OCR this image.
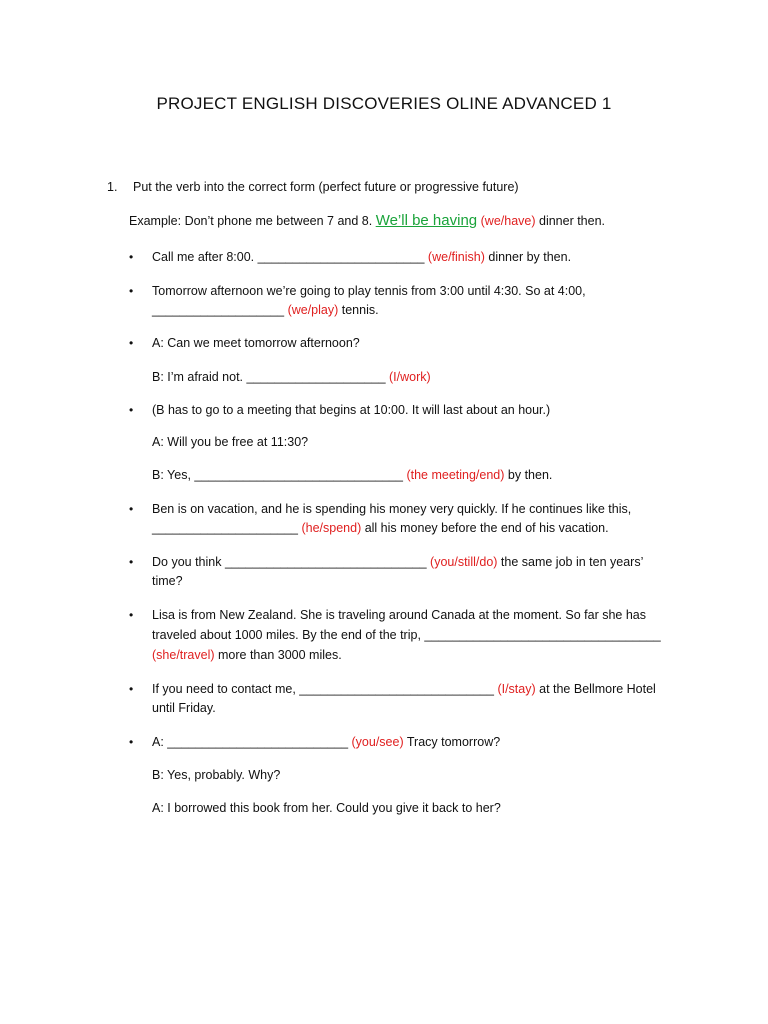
PROJECT ENGLISH DISCOVERIES OLINE ADVANCED 1
1. Put the verb into the correct form (perfect future or progressive future)
Example: Don’t phone me between 7 and 8. We’ll be having (we/have) dinner then.
• Call me after 8:00. ________________________ (we/finish) dinner by then.
• Tomorrow afternoon we’re going to play tennis from 3:00 until 4:30. So at 4:00,
___________________ (we/play) tennis.
• A: Can we meet tomorrow afternoon?
B: I’m afraid not. ____________________ (I/work)
• (B has to go to a meeting that begins at 10:00. It will last about an hour.)
A: Will you be free at 11:30?
B: Yes, ______________________________ (the meeting/end) by then.
• Ben is on vacation, and he is spending his money very quickly. If he continues like this,
_____________________ (he/spend) all his money before the end of his vacation.
• Do you think _____________________________ (you/still/do) the same job in ten years’
time?
• Lisa is from New Zealand. She is traveling around Canada at the moment. So far she has
traveled about 1000 miles. By the end of the trip, __________________________________
(she/travel) more than 3000 miles.
• If you need to contact me, ____________________________ (I/stay) at the Bellmore Hotel
until Friday.
• A: __________________________ (you/see) Tracy tomorrow?
B: Yes, probably. Why?
A: I borrowed this book from her. Could you give it back to her?
